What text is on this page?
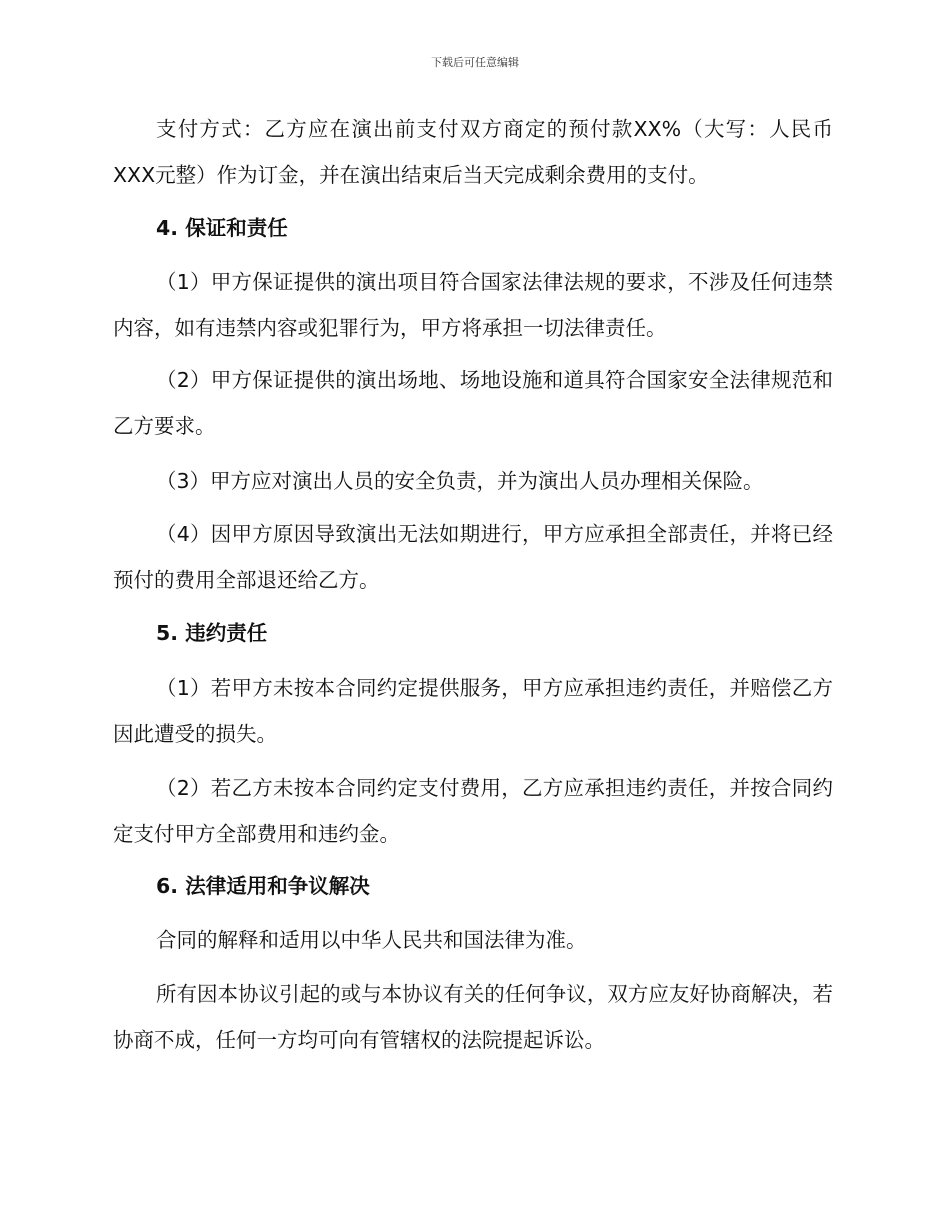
下载后可任意编辑

支付方式：乙方应在演出前支付双方商定的预付款XX%（大写：人民币XXX元整）作为订金，并在演出结束后当天完成剩余费用的支付。

4. 保证和责任

（1）甲方保证提供的演出项目符合国家法律法规的要求，不涉及任何违禁内容，如有违禁内容或犯罪行为，甲方将承担一切法律责任。

（2）甲方保证提供的演出场地、场地设施和道具符合国家安全法律规范和乙方要求。

（3）甲方应对演出人员的安全负责，并为演出人员办理相关保险。

（4）因甲方原因导致演出无法如期进行，甲方应承担全部责任，并将已经预付的费用全部退还给乙方。

5. 违约责任

（1）若甲方未按本合同约定提供服务，甲方应承担违约责任，并赔偿乙方因此遭受的损失。

（2）若乙方未按本合同约定支付费用，乙方应承担违约责任，并按合同约定支付甲方全部费用和违约金。

6. 法律适用和争议解决

合同的解释和适用以中华人民共和国法律为准。

所有因本协议引起的或与本协议有关的任何争议，双方应友好协商解决，若协商不成，任何一方均可向有管辖权的法院提起诉讼。
